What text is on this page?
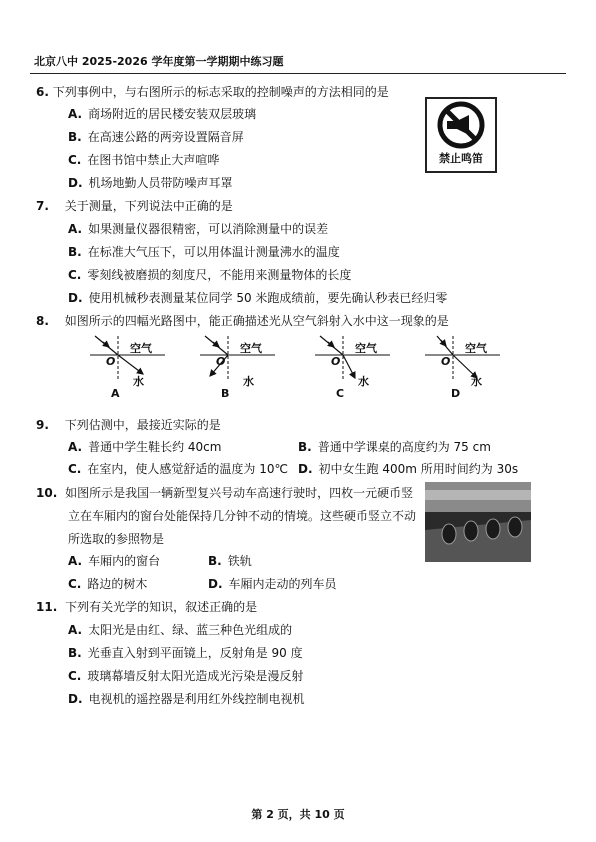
北京八中 2025-2026 学年度第一学期期中练习题
6. 下列事例中，与右图所示的标志采取的控制噪声的方法相同的是
A. 商场附近的居民楼安装双层玻璃
B. 在高速公路的两旁设置隔音屏
C. 在图书馆中禁止大声喧哗
D. 机场地勤人员带防噪声耳罩
禁止鸣笛
7. 关于测量，下列说法中正确的是
A. 如果测量仪器很精密，可以消除测量中的误差
B. 在标准大气压下，可以用体温计测量沸水的温度
C. 零刻线被磨损的刻度尺，不能用来测量物体的长度
D. 使用机械秒表测量某位同学 50 米跑成绩前，要先确认秒表已经归零
8. 如图所示的四幅光路图中，能正确描述光从空气斜射入水中这一现象的是
空气	空气	空气	空气
O	O	O	O
水	水	水	水
A	B	C	D
9. 下列估测中，最接近实际的是
A. 普通中学生鞋长约 40cm	B. 普通中学课桌的高度约为 75 cm
C. 在室内，使人感觉舒适的温度为 10℃ D. 初中女生跑 400m 所用时间约为 30s
10. 如图所示是我国一辆新型复兴号动车高速行驶时，四枚一元硬币竖
立在车厢内的窗台处能保持几分钟不动的情境。这些硬币竖立不动
所选取的参照物是
A. 车厢内的窗台	B. 铁轨
C. 路边的树木	D. 车厢内走动的列车员
11. 下列有关光学的知识，叙述正确的是
A. 太阳光是由红、绿、蓝三种色光组成的
B. 光垂直入射到平面镜上，反射角是 90 度
C. 玻璃幕墙反射太阳光造成光污染是漫反射
D. 电视机的遥控器是利用红外线控制电视机
第 2 页，共 10 页
